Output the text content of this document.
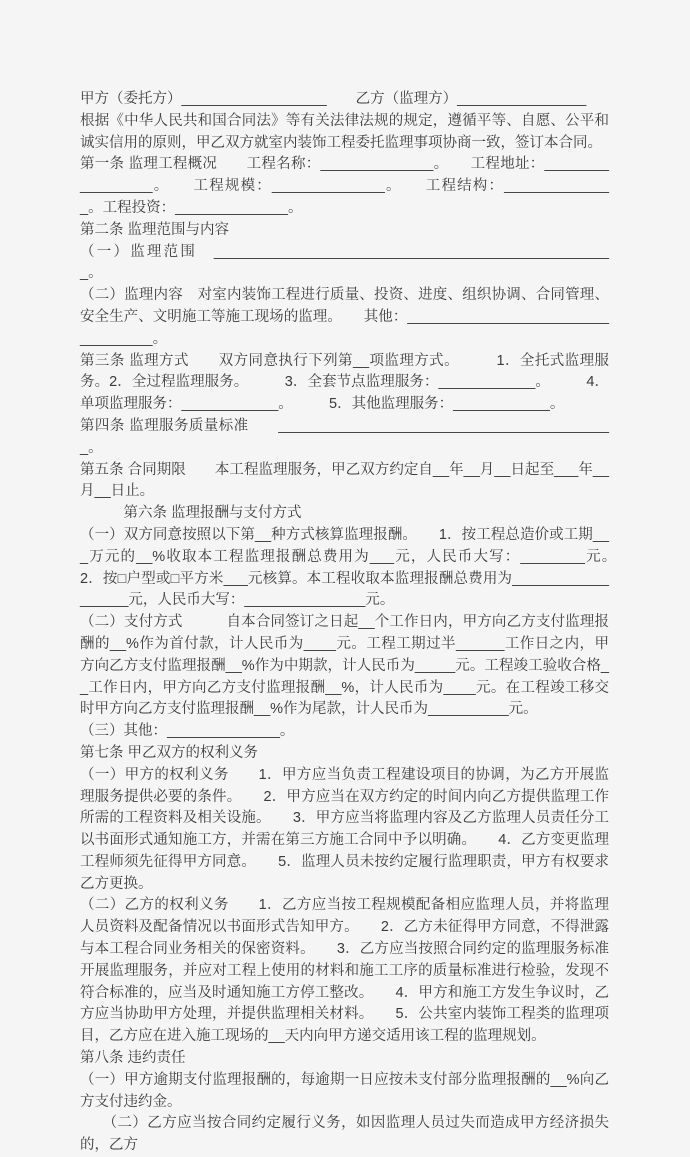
甲方（委托方）__________________　　乙方（监理方）________________

根据《中华人民共和国合同法》等有关法律法规的规定，遵循平等、自愿、公平和诚实信用的原则，甲乙双方就室内装饰工程委托监理事项协商一致，签订本合同。

第一条 监理工程概况　　工程名称：______________。　　工程地址：_________________。　　工程规模：______________。　　工程结构：______________。工程投资：______________。

第二条 监理范围与内容

（一）监理范围　__________________________________________________。

（二）监理内容　对室内装饰工程进行质量、投资、进度、组织协调、合同管理、安全生产、文明施工等施工现场的监理。　　其他：__________________________________。

第三条 监理方式　　双方同意执行下列第__项监理方式。　　　1．全托式监理服务。2．全过程监理服务。　　　3．全套节点监理服务：____________。　　　4．单项监理服务：____________。　　　5．其他监理服务：____________。

第四条 监理服务质量标准　　__________________________________________。

第五条 合同期限　　本工程监理服务，甲乙双方约定自__年__月__日起至___年__月__日止。

　　　第六条 监理报酬与支付方式

（一）双方同意按照以下第__种方式核算监理报酬。　　1．按工程总造价或工期___万元的__%收取本工程监理报酬总费用为___元，人民币大写：________元。　　2．按□户型或□平方米___元核算。本工程收取本监理报酬总费用为__________________元，人民币大写：_______________元。

（二）支付方式　　　自本合同签订之日起__个工作日内，甲方向乙方支付监理报酬的__%作为首付款，计人民币为____元。工程工期过半______工作日之内，甲方向乙方支付监理报酬__%作为中期款，计人民币为_____元。工程竣工验收合格__工作日内，甲方向乙方支付监理报酬__%，计人民币为____元。在工程竣工移交时甲方向乙方支付监理报酬__%作为尾款，计人民币为__________元。

（三）其他：______________。

第七条 甲乙双方的权利义务

（一）甲方的权利义务　　1．甲方应当负责工程建设项目的协调，为乙方开展监理服务提供必要的条件。　　2．甲方应当在双方约定的时间内向乙方提供监理工作所需的工程资料及相关设施。　　3．甲方应当将监理内容及乙方监理人员责任分工以书面形式通知施工方，并需在第三方施工合同中予以明确。　　4．乙方变更监理工程师须先征得甲方同意。　　5．监理人员未按约定履行监理职责，甲方有权要求乙方更换。

（二）乙方的权利义务　　1．乙方应当按工程规模配备相应监理人员，并将监理人员资料及配备情况以书面形式告知甲方。　　2．乙方未征得甲方同意，不得泄露与本工程合同业务相关的保密资料。　　3．乙方应当按照合同约定的监理服务标准开展监理服务，并应对工程上使用的材料和施工工序的质量标准进行检验，发现不符合标准的，应当及时通知施工方停工整改。　　4．甲方和施工方发生争议时，乙方应当协助甲方处理，并提供监理相关材料。　　5．公共室内装饰工程类的监理项目，乙方应在进入施工现场的__天内向甲方递交适用该工程的监理规划。

第八条 违约责任

（一）甲方逾期支付监理报酬的，每逾期一日应按未支付部分监理报酬的__%向乙方支付违约金。

　　（二）乙方应当按合同约定履行义务，如因监理人员过失而造成甲方经济损失的，乙方
